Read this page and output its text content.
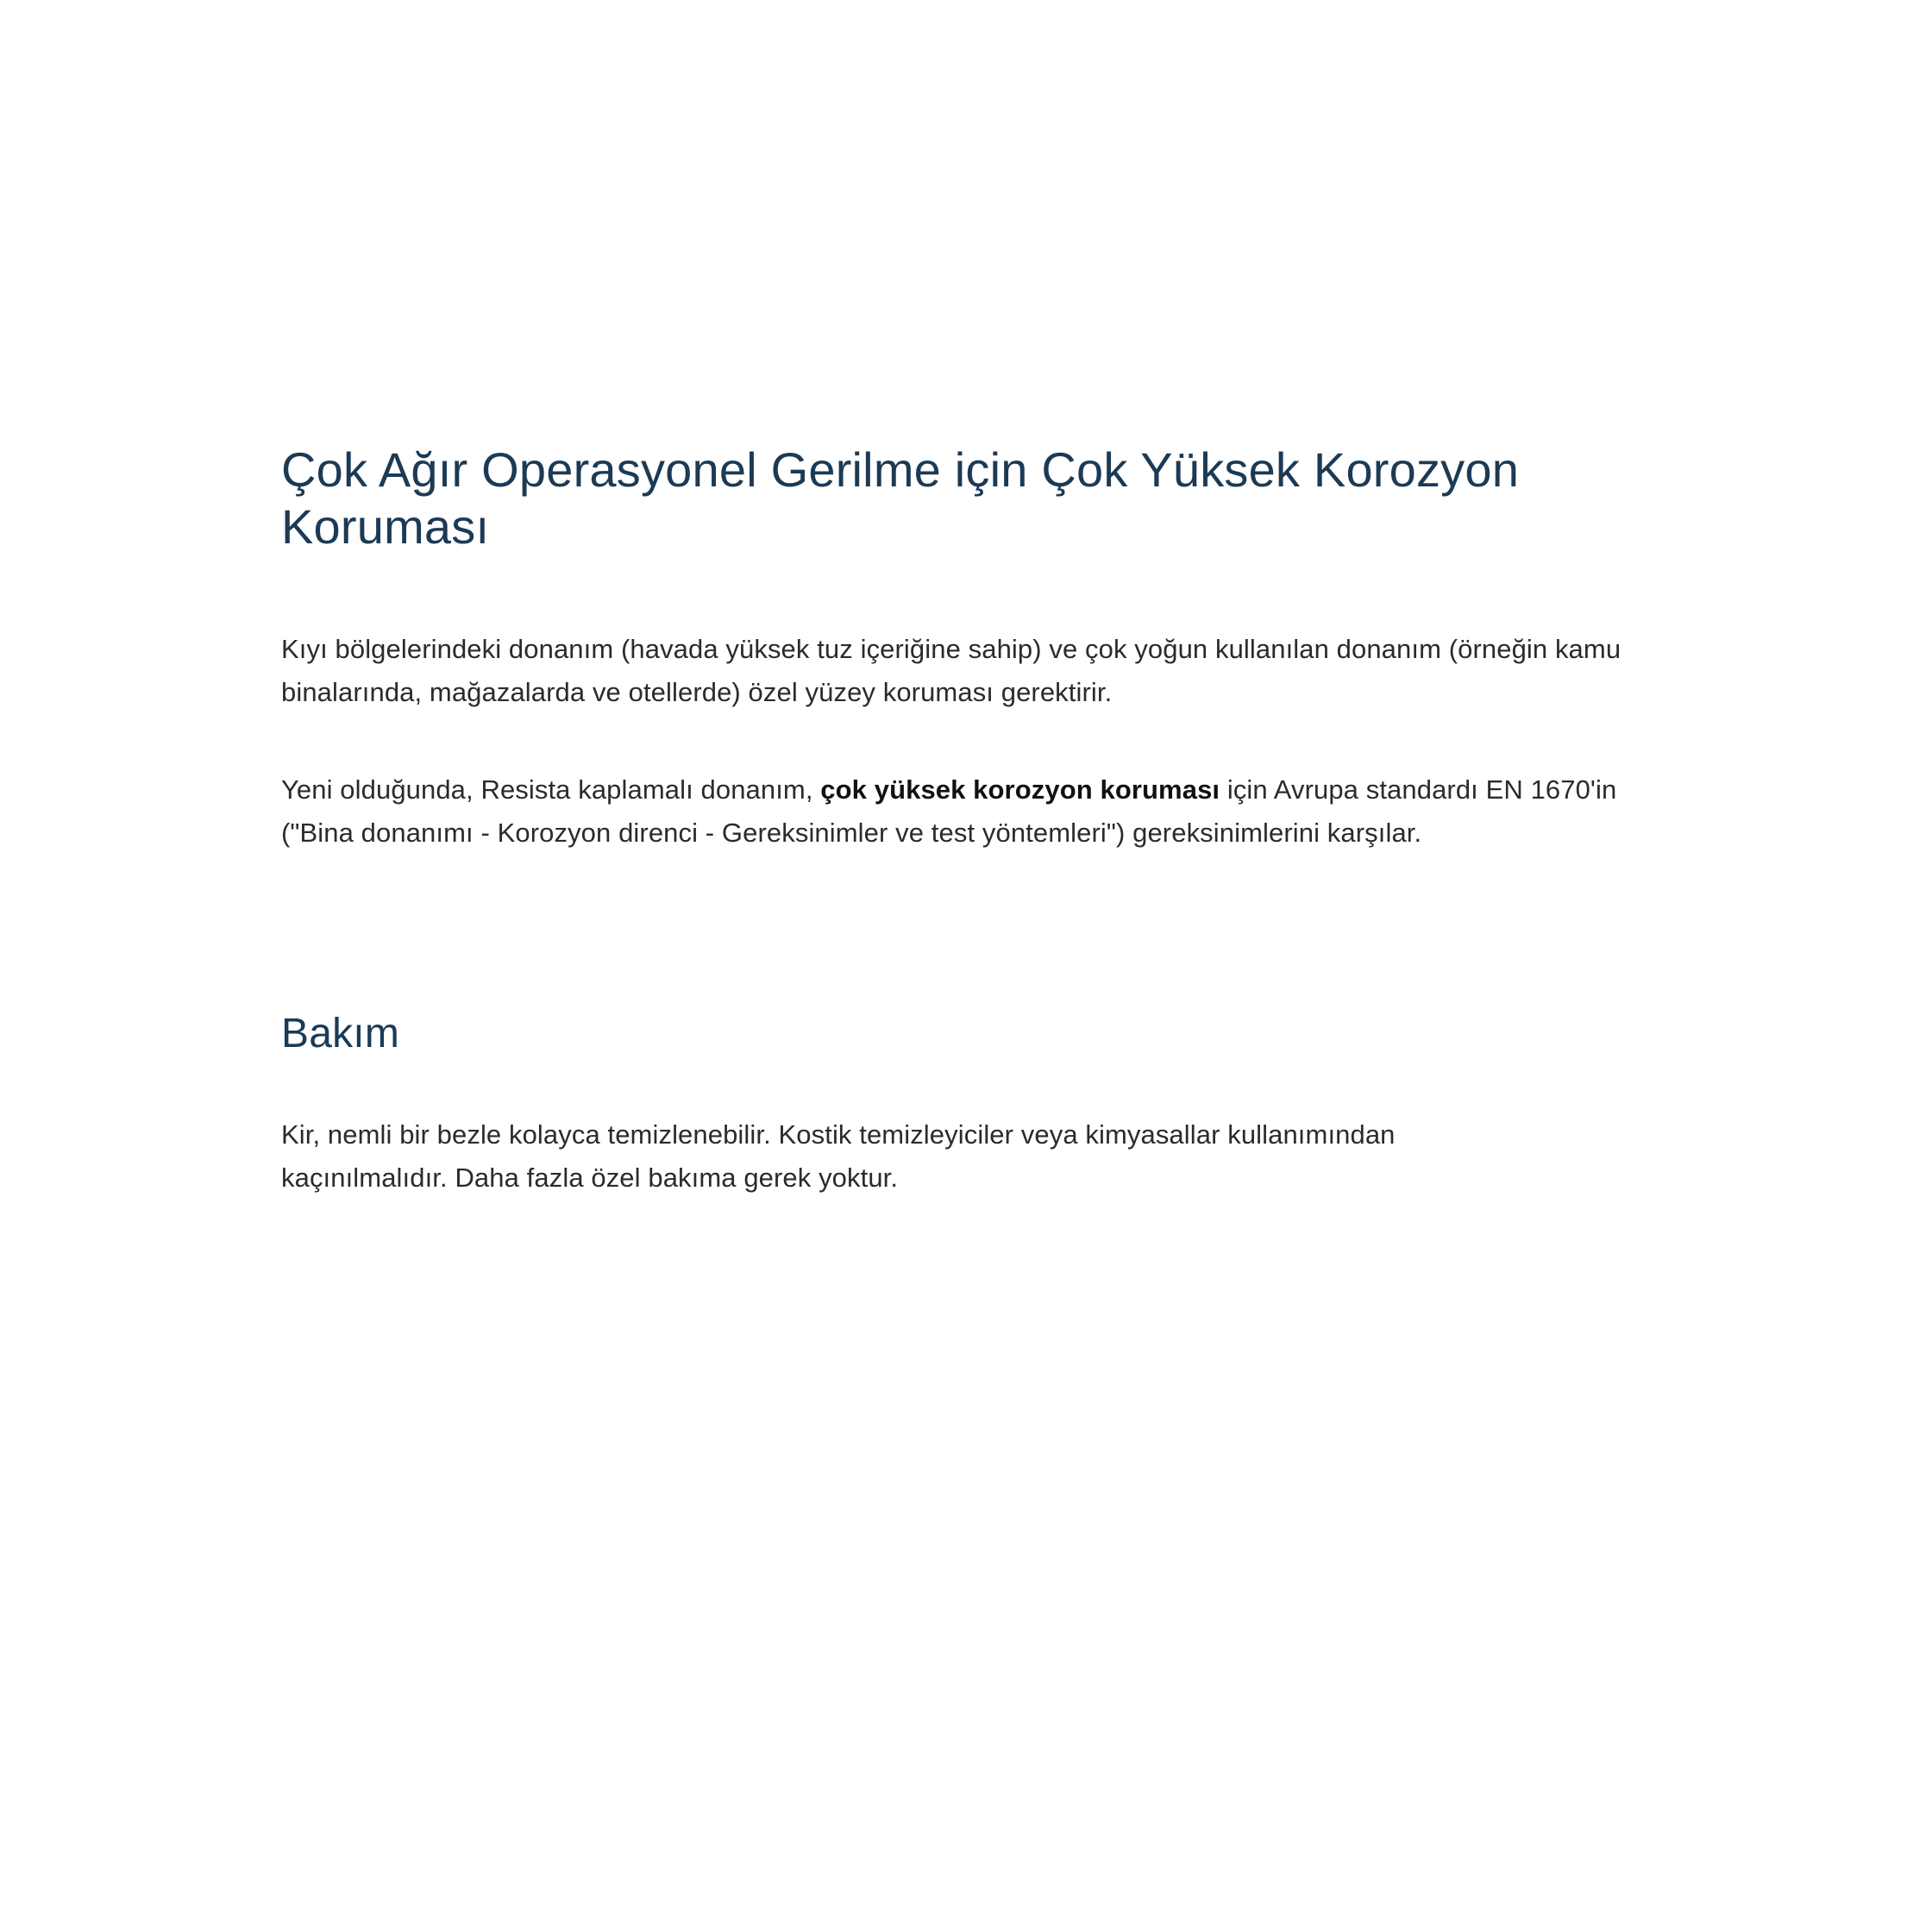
Çok Ağır Operasyonel Gerilme için Çok Yüksek Korozyon Koruması

Kıyı bölgelerindeki donanım (havada yüksek tuz içeriğine sahip) ve çok yoğun kullanılan donanım (örneğin kamu binalarında, mağazalarda ve otellerde) özel yüzey koruması gerektirir.

Yeni olduğunda, Resista kaplamalı donanım, çok yüksek korozyon koruması için Avrupa standardı EN 1670'in ("Bina donanımı - Korozyon direnci - Gereksinimler ve test yöntemleri") gereksinimlerini karşılar.

Bakım

Kir, nemli bir bezle kolayca temizlenebilir. Kostik temizleyiciler veya kimyasallar kullanımından kaçınılmalıdır. Daha fazla özel bakıma gerek yoktur.
